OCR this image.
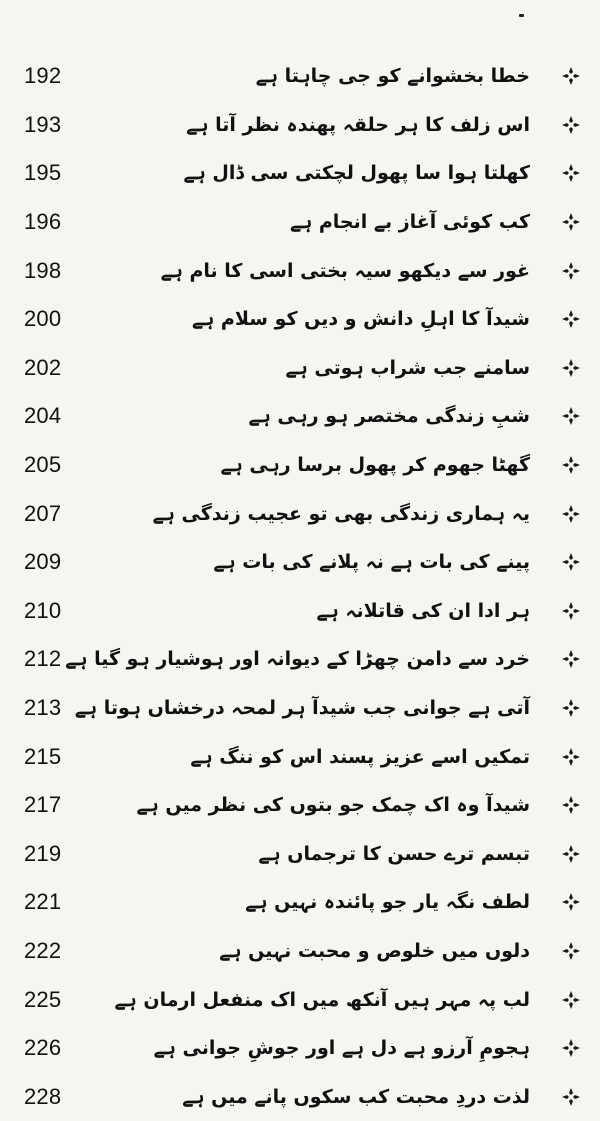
192	خطا بخشوانے کو جی چاہتا ہے
193	اس زلف کا ہر حلقہ پھندہ نظر آتا ہے
195	کھلتا ہوا سا پھول لچکتی سی ڈال ہے
196	کب کوئی آغاز بے انجام ہے
198	غور سے دیکھو سیہ بختی اسی کا نام ہے
200	شیدآ کا اہلِ دانش و دیں کو سلام ہے
202	سامنے جب شراب ہوتی ہے
204	شبِ زندگی مختصر ہو رہی ہے
205	گھٹا جھوم کر پھول برسا رہی ہے
207	یہ ہماری زندگی بھی تو عجیب زندگی ہے
209	پینے کی بات ہے نہ پلانے کی بات ہے
210	ہر ادا ان کی قاتلانہ ہے
212 خرد سے دامن چھڑا کے دیوانہ اور ہوشیار ہو گیا ہے
213 آتی ہے جوانی جب شیدآ ہر لمحہ درخشاں ہوتا ہے
215	تمکیں اسے عزیز پسند اس کو ننگ ہے
217	شیدآ وہ اک چمک جو بتوں کی نظر میں ہے
219	تبسم ترے حسن کا ترجماں ہے
221	لطف نگہ یار جو پائندہ نہیں ہے
222	دلوں میں خلوص و محبت نہیں ہے
225	لب پہ مہر ہیں آنکھ میں اک منفعل ارمان ہے
226	ہجومِ آرزو ہے دل ہے اور جوشِ جوانی ہے
228	لذت دردِ محبت کب سکوں پانے میں ہے
